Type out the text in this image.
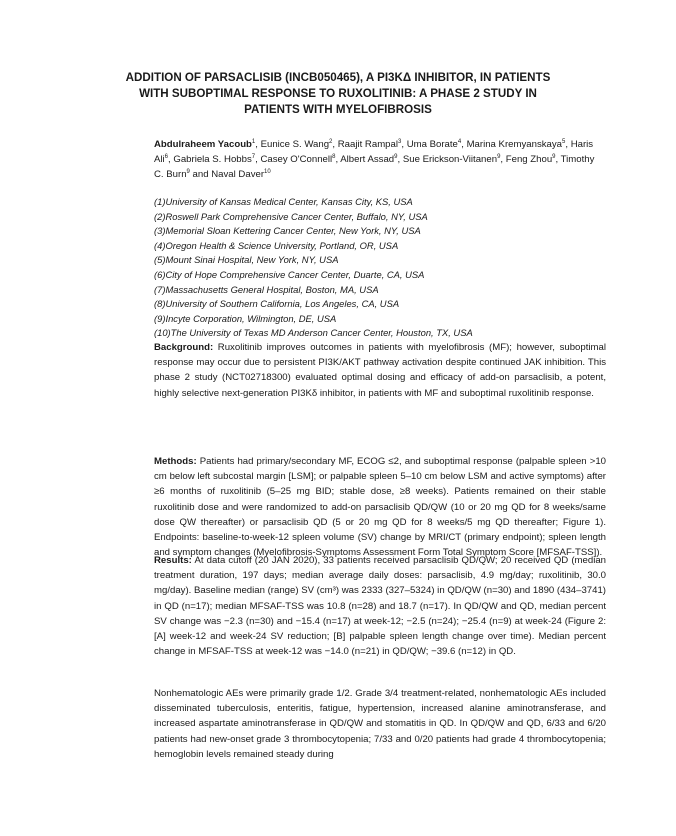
ADDITION OF PARSACLISIB (INCB050465), A PI3KΔ INHIBITOR, IN PATIENTS WITH SUBOPTIMAL RESPONSE TO RUXOLITINIB: A PHASE 2 STUDY IN PATIENTS WITH MYELOFIBROSIS
Abdulraheem Yacoub$^1$, Eunice S. Wang$^2$, Raajit Rampal$^3$, Uma Borate$^4$, Marina Kremyanskaya$^5$, Haris Ali$^6$, Gabriela S. Hobbs$^7$, Casey O'Connell$^8$, Albert Assad$^9$, Sue Erickson-Viitanen$^9$, Feng Zhou$^9$, Timothy C. Burn$^9$ and Naval Daver$^{10}$
(1)University of Kansas Medical Center, Kansas City, KS, USA
(2)Roswell Park Comprehensive Cancer Center, Buffalo, NY, USA
(3)Memorial Sloan Kettering Cancer Center, New York, NY, USA
(4)Oregon Health & Science University, Portland, OR, USA
(5)Mount Sinai Hospital, New York, NY, USA
(6)City of Hope Comprehensive Cancer Center, Duarte, CA, USA
(7)Massachusetts General Hospital, Boston, MA, USA
(8)University of Southern California, Los Angeles, CA, USA
(9)Incyte Corporation, Wilmington, DE, USA
(10)The University of Texas MD Anderson Cancer Center, Houston, TX, USA
Background: Ruxolitinib improves outcomes in patients with myelofibrosis (MF); however, suboptimal response may occur due to persistent PI3K/AKT pathway activation despite continued JAK inhibition. This phase 2 study (NCT02718300) evaluated optimal dosing and efficacy of add-on parsaclisib, a potent, highly selective next-generation PI3Kδ inhibitor, in patients with MF and suboptimal ruxolitinib response.
Methods: Patients had primary/secondary MF, ECOG ≤2, and suboptimal response (palpable spleen >10 cm below left subcostal margin [LSM]; or palpable spleen 5–10 cm below LSM and active symptoms) after ≥6 months of ruxolitinib (5–25 mg BID; stable dose, ≥8 weeks). Patients remained on their stable ruxolitinib dose and were randomized to add-on parsaclisib QD/QW (10 or 20 mg QD for 8 weeks/same dose QW thereafter) or parsaclisib QD (5 or 20 mg QD for 8 weeks/5 mg QD thereafter; Figure 1). Endpoints: baseline-to-week-12 spleen volume (SV) change by MRI/CT (primary endpoint); spleen length and symptom changes (Myelofibrosis-Symptoms Assessment Form Total Symptom Score [MFSAF-TSS]).
Results: At data cutoff (20 JAN 2020), 33 patients received parsaclisib QD/QW; 20 received QD (median treatment duration, 197 days; median average daily doses: parsaclisib, 4.9 mg/day; ruxolitinib, 30.0 mg/day). Baseline median (range) SV (cm³) was 2333 (327–5324) in QD/QW (n=30) and 1890 (434–3741) in QD (n=17); median MFSAF-TSS was 10.8 (n=28) and 18.7 (n=17). In QD/QW and QD, median percent SV change was −2.3 (n=30) and −15.4 (n=17) at week-12; −2.5 (n=24); −25.4 (n=9) at week-24 (Figure 2: [A] week-12 and week-24 SV reduction; [B] palpable spleen length change over time). Median percent change in MFSAF-TSS at week-12 was −14.0 (n=21) in QD/QW; −39.6 (n=12) in QD.
Nonhematologic AEs were primarily grade 1/2. Grade 3/4 treatment-related, nonhematologic AEs included disseminated tuberculosis, enteritis, fatigue, hypertension, increased alanine aminotransferase, and increased aspartate aminotransferase in QD/QW and stomatitis in QD. In QD/QW and QD, 6/33 and 6/20 patients had new-onset grade 3 thrombocytopenia; 7/33 and 0/20 patients had grade 4 thrombocytopenia; hemoglobin levels remained steady during
